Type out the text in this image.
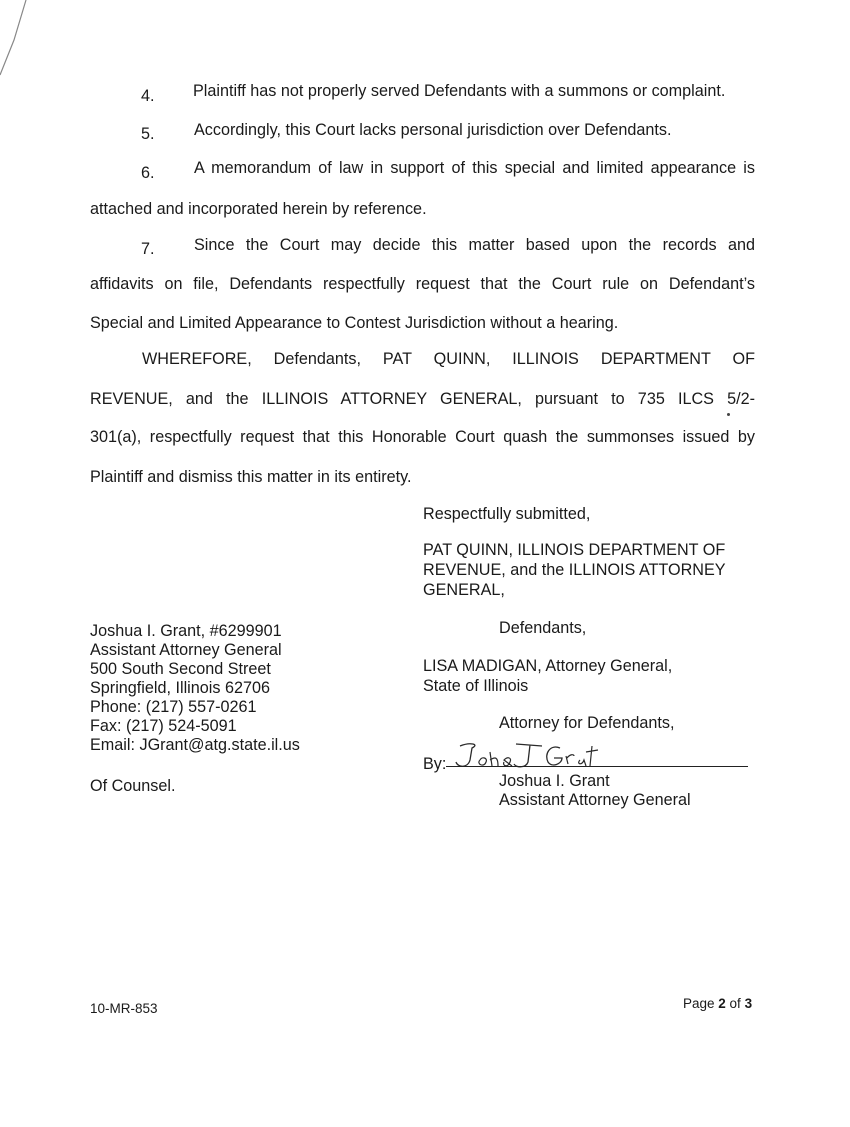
4. Plaintiff has not properly served Defendants with a summons or complaint.
5. Accordingly, this Court lacks personal jurisdiction over Defendants.
6. A memorandum of law in support of this special and limited appearance is
attached and incorporated herein by reference.
7. Since the Court may decide this matter based upon the records and
affidavits on file, Defendants respectfully request that the Court rule on Defendant’s
Special and Limited Appearance to Contest Jurisdiction without a hearing.
WHEREFORE, Defendants, PAT QUINN, ILLINOIS DEPARTMENT OF
REVENUE, and the ILLINOIS ATTORNEY GENERAL, pursuant to 735 ILCS 5/2-
301(a), respectfully request that this Honorable Court quash the summonses issued by
Plaintiff and dismiss this matter in its entirety.
Respectfully submitted,
PAT QUINN, ILLINOIS DEPARTMENT OF
REVENUE, and the ILLINOIS ATTORNEY
GENERAL,
Defendants,
LISA MADIGAN, Attorney General,
State of Illinois
Attorney for Defendants,
By:
Joshua I. Grant
Assistant Attorney General
Joshua I. Grant, #6299901
Assistant Attorney General
500 South Second Street
Springfield, Illinois 62706
Phone: (217) 557-0261
Fax: (217) 524-5091
Email: JGrant@atg.state.il.us
Of Counsel.
10-MR-853	Page 2 of 3
